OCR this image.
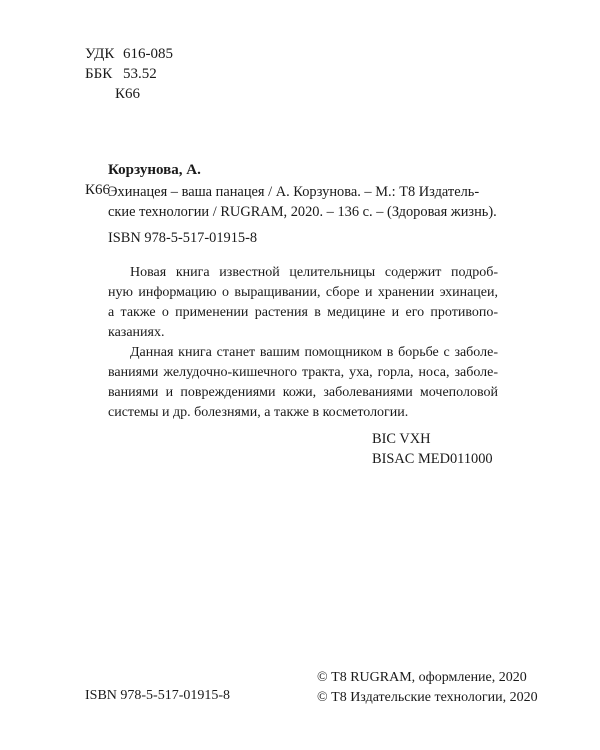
УДК 616-085
ББК 53.52
К66
Корзунова, А.
К66
Эхинацея – ваша панацея / А. Корзунова. – М.: Т8 Издатель-
ские технологии / RUGRAM, 2020. – 136 с. – (Здоровая жизнь).
ISBN 978-5-517-01915-8

Новая книга известной целительницы содержит подроб-
ную информацию о выращивании, сборе и хранении эхинацеи,
а также о применении растения в медицине и его противопо-
казаниях.

Данная книга станет вашим помощником в борьбе с заболе-
ваниями желудочно-кишечного тракта, уха, горла, носа, заболе-
ваниями и повреждениями кожи, заболеваниями мочеполовой
системы и др. болезнями, а также в косметологии.

BIC VXH
BISAC MED011000
ISBN 978-5-517-01915-8
© Т8 RUGRAM, оформление, 2020
© Т8 Издательские технологии, 2020
